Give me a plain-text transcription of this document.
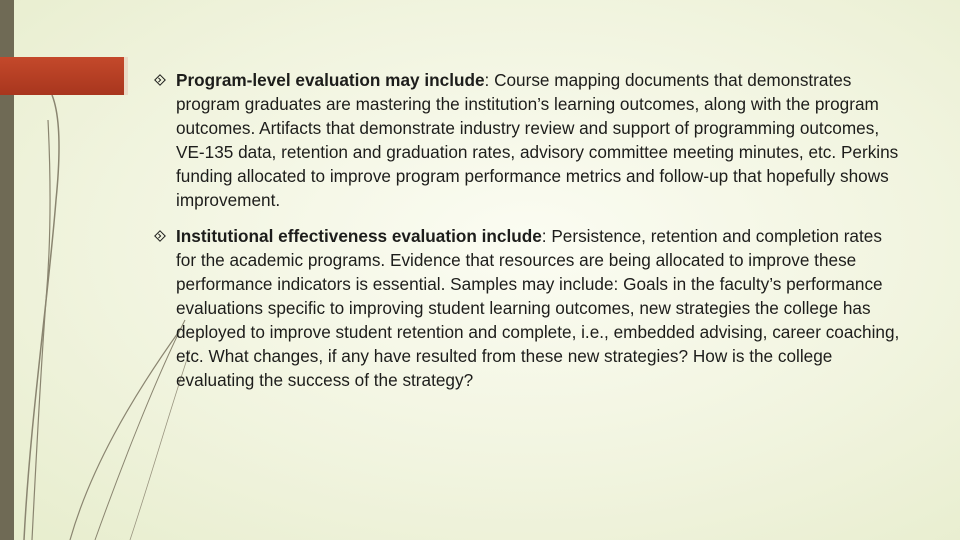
Program-level evaluation may include: Course mapping documents that demonstrates program graduates are mastering the institution’s learning outcomes, along with the program outcomes. Artifacts that demonstrate industry review and support of programming outcomes, VE-135 data, retention and graduation rates, advisory committee meeting minutes, etc. Perkins funding allocated to improve program performance metrics and follow-up that hopefully shows improvement.
Institutional effectiveness evaluation include: Persistence, retention and completion rates for the academic programs. Evidence that resources are being allocated to improve these performance indicators is essential. Samples may include: Goals in the faculty’s performance evaluations specific to improving student learning outcomes, new strategies the college has deployed to improve student retention and complete, i.e., embedded advising, career coaching, etc. What changes, if any have resulted from these new strategies? How is the college evaluating the success of the strategy?
